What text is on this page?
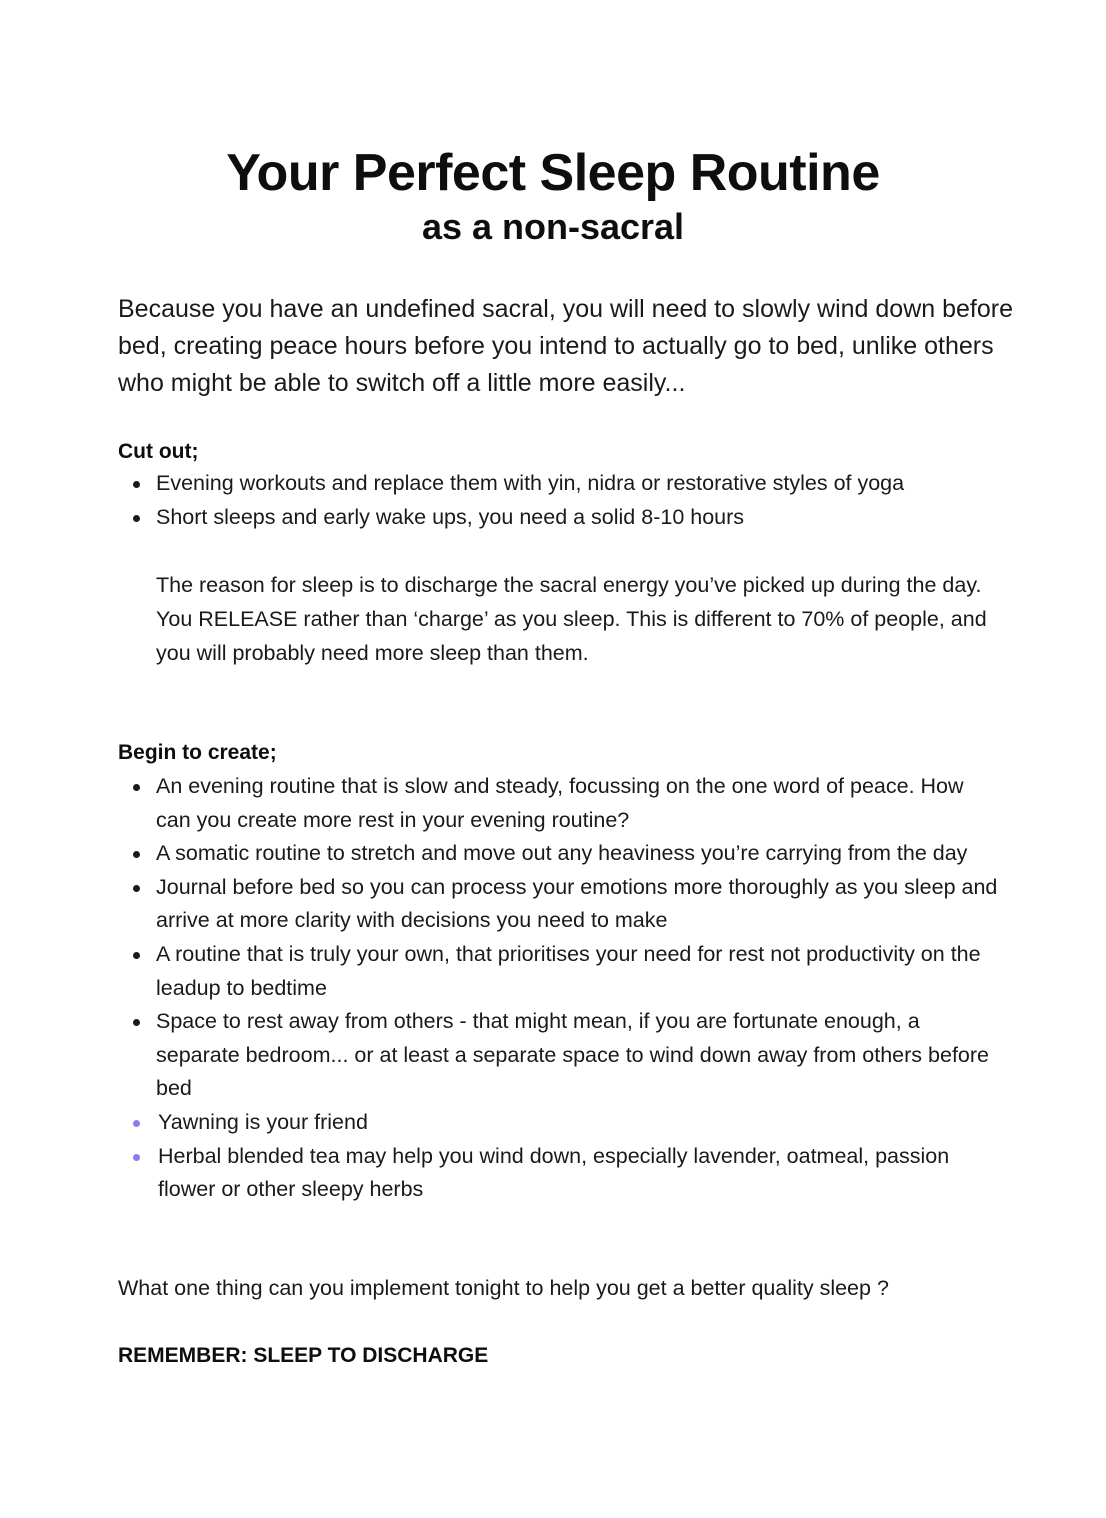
Your Perfect Sleep Routine
as a non-sacral

Because you have an undefined sacral, you will need to slowly wind down before bed, creating peace hours before you intend to actually go to bed, unlike others who might be able to switch off a little more easily...

Cut out;
Evening workouts and replace them with yin, nidra or restorative styles of yoga
Short sleeps and early wake ups, you need a solid 8-10 hours

The reason for sleep is to discharge the sacral energy you’ve picked up during the day. You RELEASE rather than ‘charge’ as you sleep. This is different to 70% of people, and you will probably need more sleep than them.

Begin to create;
An evening routine that is slow and steady, focussing on the one word of peace. How can you create more rest in your evening routine?
A somatic routine to stretch and move out any heaviness you’re carrying from the day
Journal before bed so you can process your emotions more thoroughly as you sleep and arrive at more clarity with decisions you need to make
A routine that is truly your own, that prioritises your need for rest not productivity on the leadup to bedtime
Space to rest away from others - that might mean, if you are fortunate enough, a separate bedroom... or at least a separate space to wind down away from others before bed
Yawning is your friend
Herbal blended tea may help you wind down, especially lavender, oatmeal, passion flower or other sleepy herbs

What one thing can you implement tonight to help you get a better quality sleep ?

REMEMBER: SLEEP TO DISCHARGE
